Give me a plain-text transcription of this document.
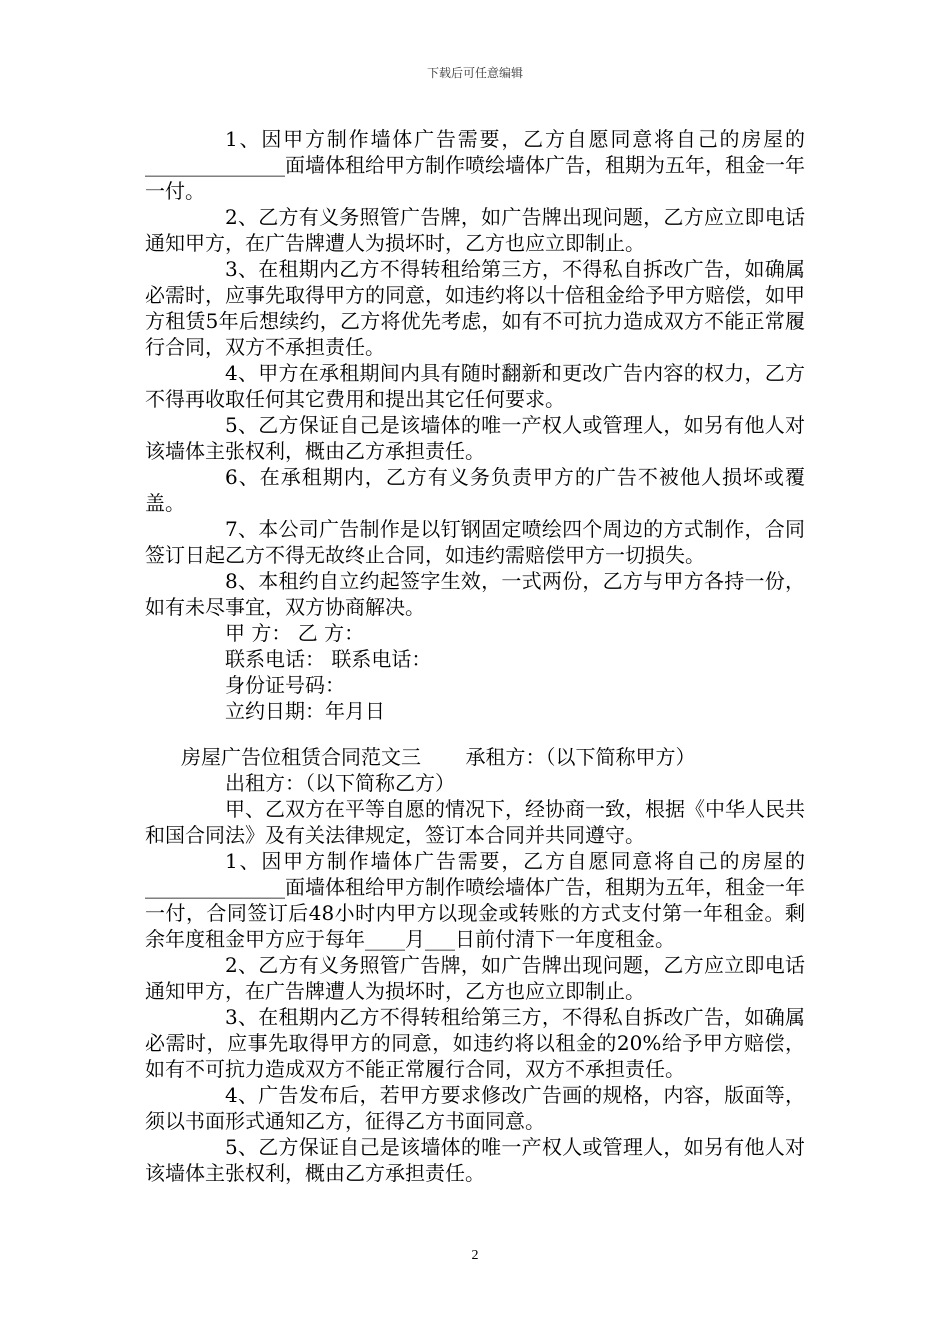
下载后可任意编辑

1、因甲方制作墙体广告需要，乙方自愿同意将自己的房屋的______________面墙体租给甲方制作喷绘墙体广告，租期为五年，租金一年一付。

2、乙方有义务照管广告牌，如广告牌出现问题，乙方应立即电话通知甲方，在广告牌遭人为损坏时，乙方也应立即制止。

3、在租期内乙方不得转租给第三方，不得私自拆改广告，如确属必需时，应事先取得甲方的同意，如违约将以十倍租金给予甲方赔偿，如甲方租赁5年后想续约，乙方将优先考虑，如有不可抗力造成双方不能正常履行合同，双方不承担责任。

4、甲方在承租期间内具有随时翻新和更改广告内容的权力，乙方不得再收取任何其它费用和提出其它任何要求。

5、乙方保证自己是该墙体的唯一产权人或管理人，如另有他人对该墙体主张权利，概由乙方承担责任。

6、在承租期内，乙方有义务负责甲方的广告不被他人损坏或覆盖。

7、本公司广告制作是以钉钢固定喷绘四个周边的方式制作，合同签订日起乙方不得无故终止合同，如违约需赔偿甲方一切损失。

8、本租约自立约起签字生效，一式两份，乙方与甲方各持一份，如有未尽事宜，双方协商解决。

甲 方： 乙 方：

联系电话： 联系电话：

身份证号码：

立约日期：年月日

房屋广告位租赁合同范文三       承租方：（以下简称甲方）

出租方：（以下简称乙方）

甲、乙双方在平等自愿的情况下，经协商一致，根据《中华人民共和国合同法》及有关法律规定，签订本合同并共同遵守。

1、因甲方制作墙体广告需要，乙方自愿同意将自己的房屋的______________面墙体租给甲方制作喷绘墙体广告，租期为五年，租金一年一付，合同签订后48小时内甲方以现金或转账的方式支付第一年租金。剩余年度租金甲方应于每年____月___日前付清下一年度租金。

2、乙方有义务照管广告牌，如广告牌出现问题，乙方应立即电话通知甲方，在广告牌遭人为损坏时，乙方也应立即制止。

3、在租期内乙方不得转租给第三方，不得私自拆改广告，如确属必需时，应事先取得甲方的同意，如违约将以租金的20%给予甲方赔偿，如有不可抗力造成双方不能正常履行合同，双方不承担责任。

4、广告发布后，若甲方要求修改广告画的规格，内容，版面等，须以书面形式通知乙方，征得乙方书面同意。

5、乙方保证自己是该墙体的唯一产权人或管理人，如另有他人对该墙体主张权利，概由乙方承担责任。

2
